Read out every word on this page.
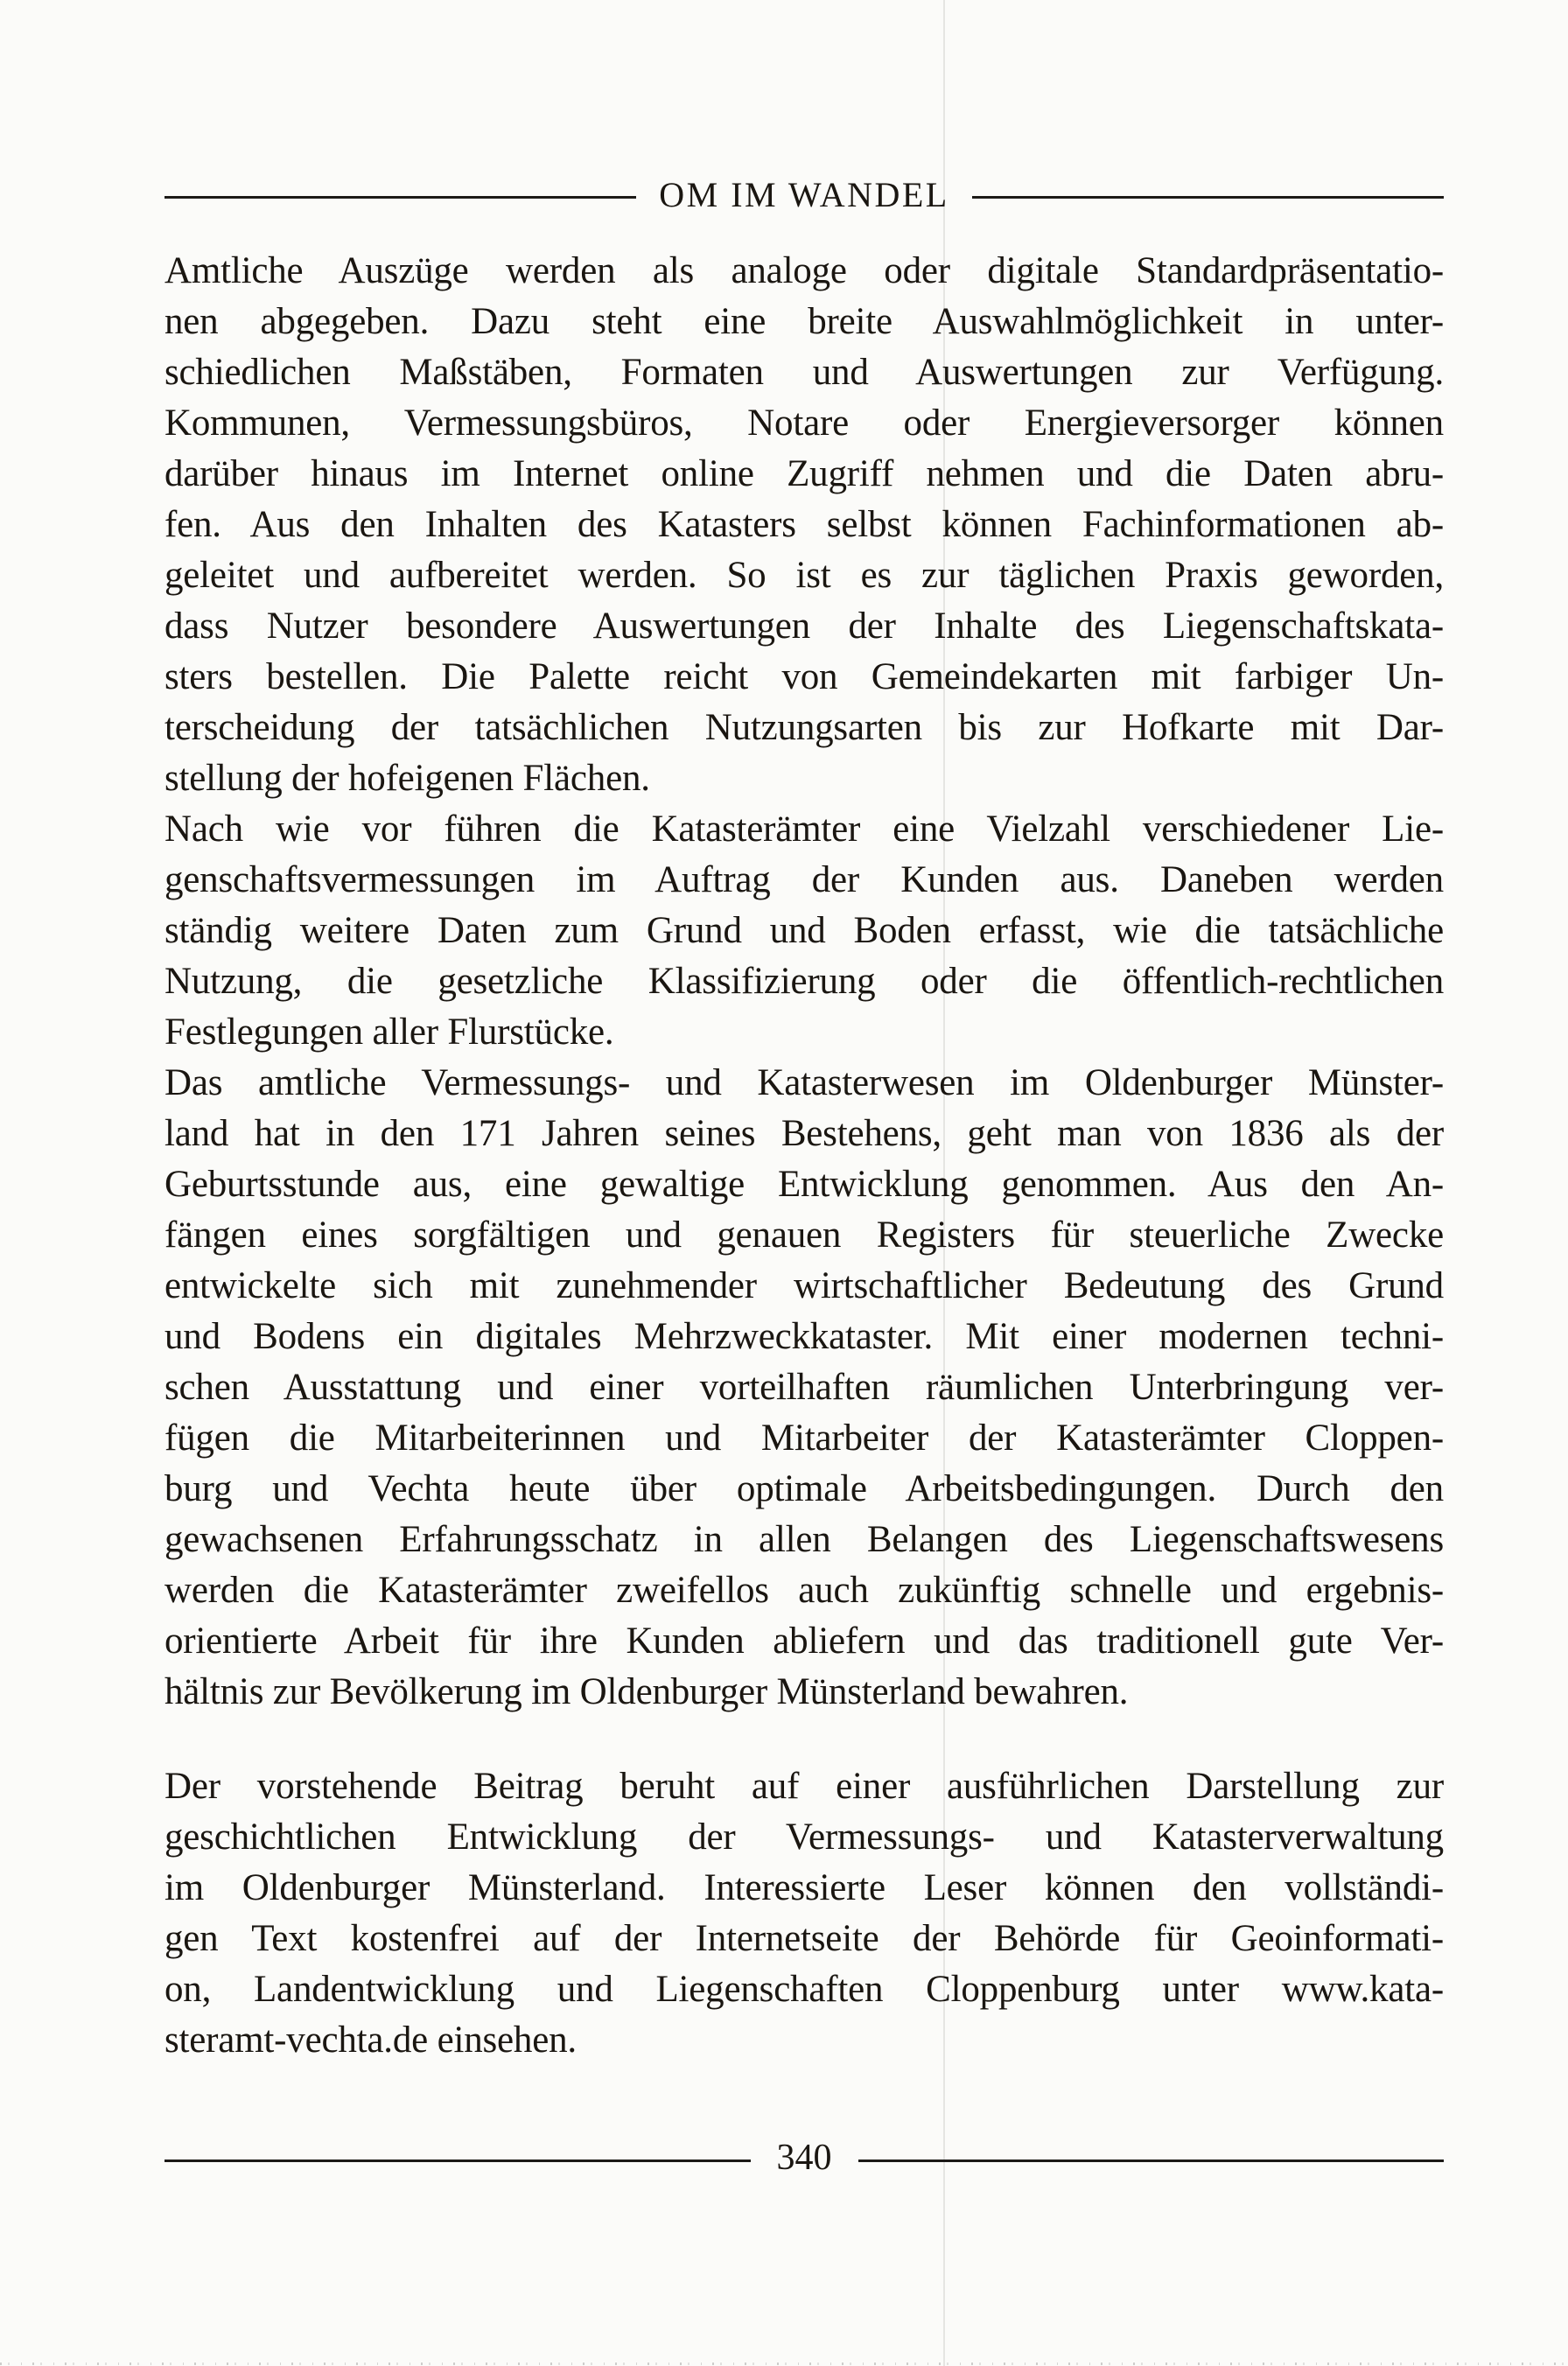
OM IM WANDEL
Amtliche Auszüge werden als analoge oder digitale Standardpräsentatio-
nen abgegeben. Dazu steht eine breite Auswahlmöglichkeit in unter-
schiedlichen Maßstäben, Formaten und Auswertungen zur Verfügung.
Kommunen, Vermessungsbüros, Notare oder Energieversorger können
darüber hinaus im Internet online Zugriff nehmen und die Daten abru-
fen. Aus den Inhalten des Katasters selbst können Fachinformationen ab-
geleitet und aufbereitet werden. So ist es zur täglichen Praxis geworden,
dass Nutzer besondere Auswertungen der Inhalte des Liegenschaftskata-
sters bestellen. Die Palette reicht von Gemeindekarten mit farbiger Un-
terscheidung der tatsächlichen Nutzungsarten bis zur Hofkarte mit Dar-
stellung der hofeigenen Flächen.
Nach wie vor führen die Katasterämter eine Vielzahl verschiedener Lie-
genschaftsvermessungen im Auftrag der Kunden aus. Daneben werden
ständig weitere Daten zum Grund und Boden erfasst, wie die tatsächliche
Nutzung, die gesetzliche Klassifizierung oder die öffentlich-rechtlichen
Festlegungen aller Flurstücke.
Das amtliche Vermessungs- und Katasterwesen im Oldenburger Münster-
land hat in den 171 Jahren seines Bestehens, geht man von 1836 als der
Geburtsstunde aus, eine gewaltige Entwicklung genommen. Aus den An-
fängen eines sorgfältigen und genauen Registers für steuerliche Zwecke
entwickelte sich mit zunehmender wirtschaftlicher Bedeutung des Grund
und Bodens ein digitales Mehrzweckkataster. Mit einer modernen techni-
schen Ausstattung und einer vorteilhaften räumlichen Unterbringung ver-
fügen die Mitarbeiterinnen und Mitarbeiter der Katasterämter Cloppen-
burg und Vechta heute über optimale Arbeitsbedingungen. Durch den
gewachsenen Erfahrungsschatz in allen Belangen des Liegenschaftswesens
werden die Katasterämter zweifellos auch zukünftig schnelle und ergebnis-
orientierte Arbeit für ihre Kunden abliefern und das traditionell gute Ver-
hältnis zur Bevölkerung im Oldenburger Münsterland bewahren.
Der vorstehende Beitrag beruht auf einer ausführlichen Darstellung zur
geschichtlichen Entwicklung der Vermessungs- und Katasterverwaltung
im Oldenburger Münsterland. Interessierte Leser können den vollständi-
gen Text kostenfrei auf der Internetseite der Behörde für Geoinformati-
on, Landentwicklung und Liegenschaften Cloppenburg unter www.kata-
steramt-vechta.de einsehen.
340
